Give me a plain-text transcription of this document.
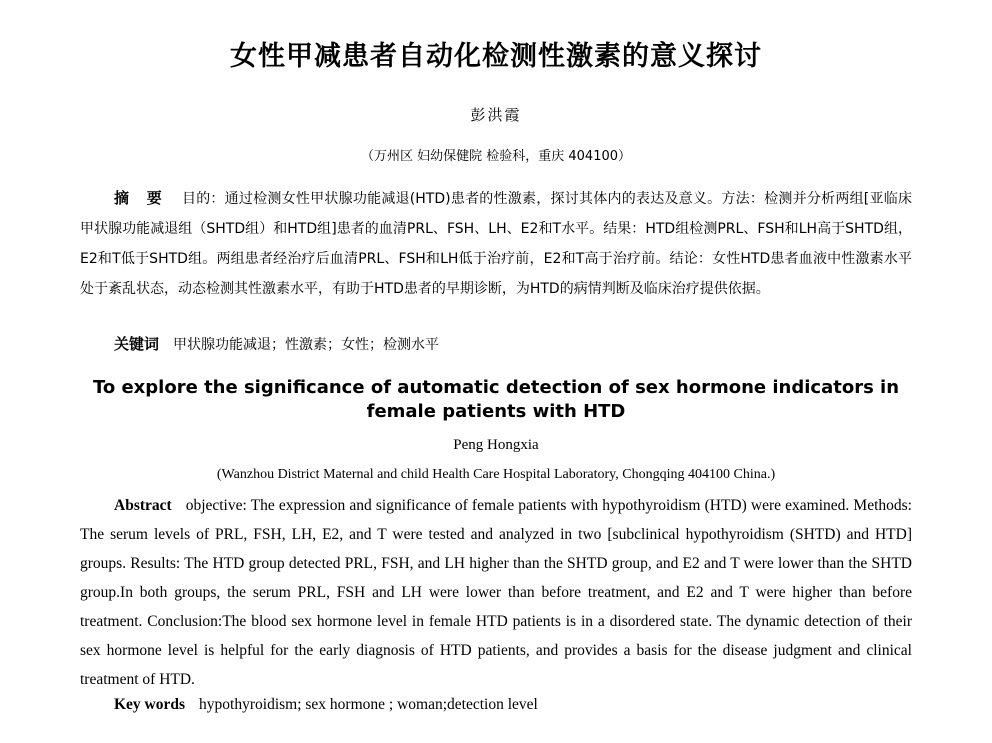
女性甲减患者自动化检测性激素的意义探讨
彭洪霞
（万州区 妇幼保健院 检验科，重庆 404100）

摘 要 目的：通过检测女性甲状腺功能减退(HTD)患者的性激素，探讨其体内的表达及意义。方法：检测并分析两组[亚临床甲状腺功能减退组（SHTD组）和HTD组]患者的血清PRL、FSH、LH、E2和T水平。结果：HTD组检测PRL、FSH和LH高于SHTD组，E2和T低于SHTD组。两组患者经治疗后血清PRL、FSH和LH低于治疗前，E2和T高于治疗前。结论：女性HTD患者血液中性激素水平处于紊乱状态，动态检测其性激素水平，有助于HTD患者的早期诊断，为HTD的病情判断及临床治疗提供依据。

关键词 甲状腺功能减退；性激素；女性；检测水平
To explore the significance of automatic detection of sex hormone indicators in female patients with HTD
Peng Hongxia
(Wanzhou District Maternal and child Health Care Hospital Laboratory, Chongqing 404100 China.)

Abstract objective: The expression and significance of female patients with hypothyroidism (HTD) were examined. Methods: The serum levels of PRL, FSH, LH, E2, and T were tested and analyzed in two [subclinical hypothyroidism (SHTD) and HTD] groups. Results: The HTD group detected PRL, FSH, and LH higher than the SHTD group, and E2 and T were lower than the SHTD group.In both groups, the serum PRL, FSH and LH were lower than before treatment, and E2 and T were higher than before treatment. Conclusion:The blood sex hormone level in female HTD patients is in a disordered state. The dynamic detection of their sex hormone level is helpful for the early diagnosis of HTD patients, and provides a basis for the disease judgment and clinical treatment of HTD.

Key words hypothyroidism; sex hormone ; woman;detection level
